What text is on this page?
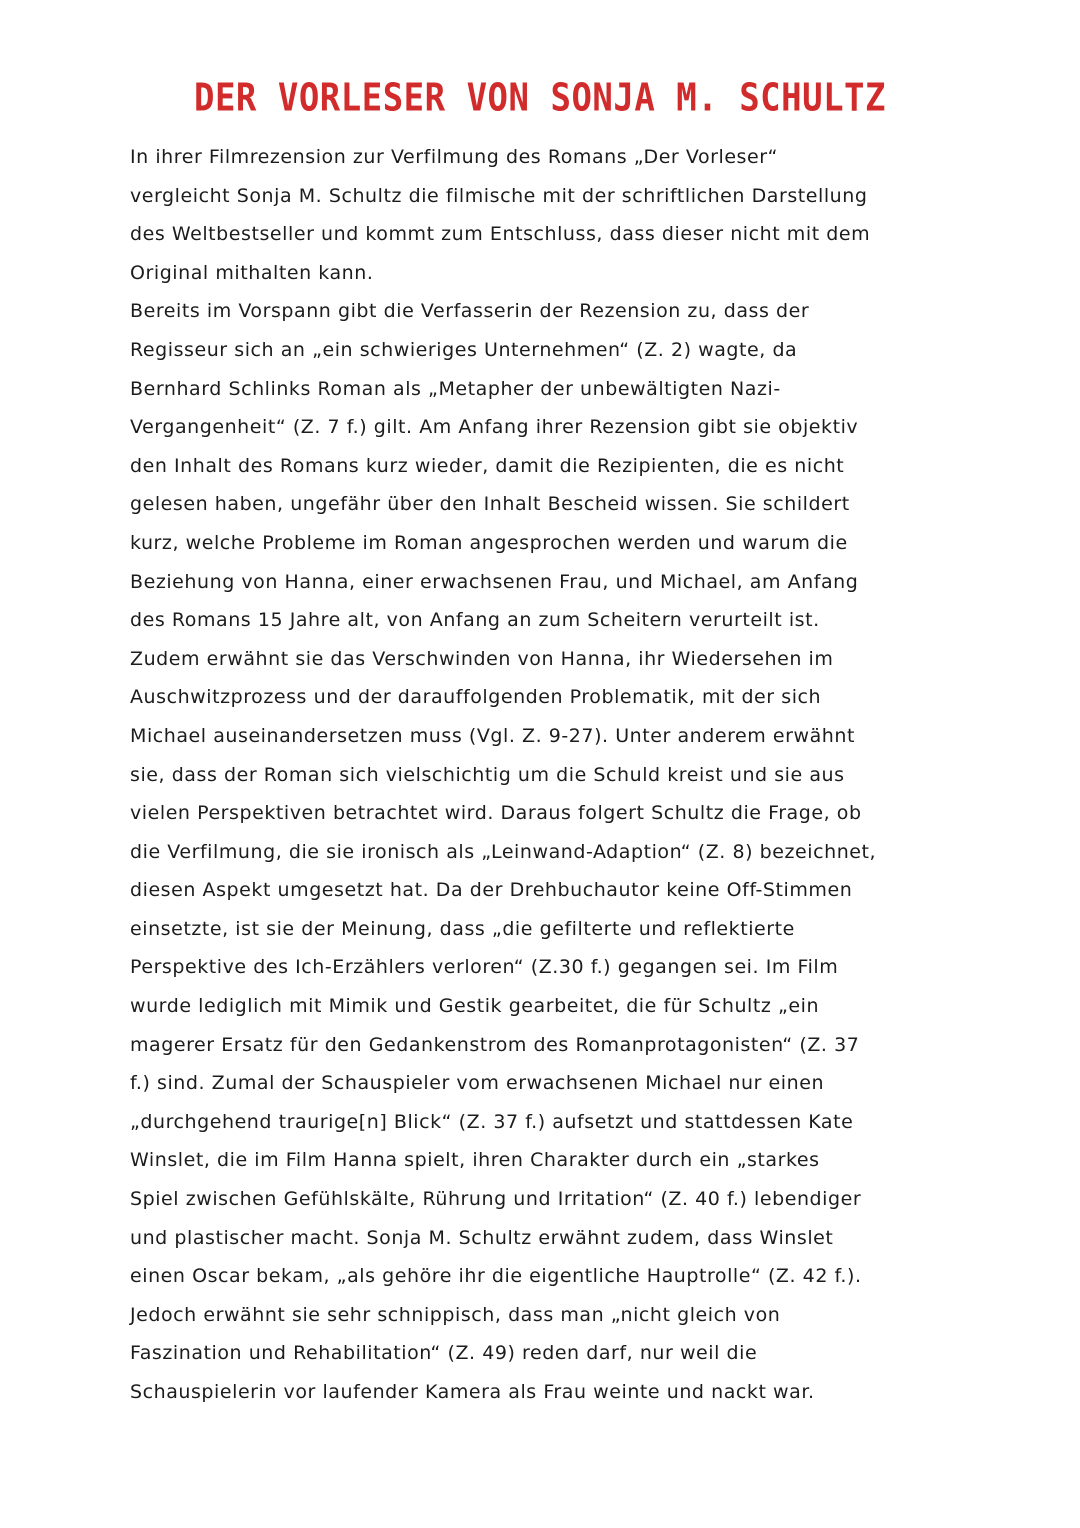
DER VORLESER VON SONJA M. SCHULTZ
In ihrer Filmrezension zur Verfilmung des Romans „Der Vorleser“
vergleicht Sonja M. Schultz die filmische mit der schriftlichen Darstellung
des Weltbestseller und kommt zum Entschluss, dass dieser nicht mit dem
Original mithalten kann.
Bereits im Vorspann gibt die Verfasserin der Rezension zu, dass der
Regisseur sich an „ein schwieriges Unternehmen“ (Z. 2) wagte, da
Bernhard Schlinks Roman als „Metapher der unbewältigten Nazi-
Vergangenheit“ (Z. 7 f.) gilt. Am Anfang ihrer Rezension gibt sie objektiv
den Inhalt des Romans kurz wieder, damit die Rezipienten, die es nicht
gelesen haben, ungefähr über den Inhalt Bescheid wissen. Sie schildert
kurz, welche Probleme im Roman angesprochen werden und warum die
Beziehung von Hanna, einer erwachsenen Frau, und Michael, am Anfang
des Romans 15 Jahre alt, von Anfang an zum Scheitern verurteilt ist.
Zudem erwähnt sie das Verschwinden von Hanna, ihr Wiedersehen im
Auschwitzprozess und der darauffolgenden Problematik, mit der sich
Michael auseinandersetzen muss (Vgl. Z. 9-27). Unter anderem erwähnt
sie, dass der Roman sich vielschichtig um die Schuld kreist und sie aus
vielen Perspektiven betrachtet wird. Daraus folgert Schultz die Frage, ob
die Verfilmung, die sie ironisch als „Leinwand-Adaption“ (Z. 8) bezeichnet,
diesen Aspekt umgesetzt hat. Da der Drehbuchautor keine Off-Stimmen
einsetzte, ist sie der Meinung, dass „die gefilterte und reflektierte
Perspektive des Ich-Erzählers verloren“ (Z.30 f.) gegangen sei. Im Film
wurde lediglich mit Mimik und Gestik gearbeitet, die für Schultz „ein
magerer Ersatz für den Gedankenstrom des Romanprotagonisten“ (Z. 37
f.) sind. Zumal der Schauspieler vom erwachsenen Michael nur einen
„durchgehend traurige[n] Blick“ (Z. 37 f.) aufsetzt und stattdessen Kate
Winslet, die im Film Hanna spielt, ihren Charakter durch ein „starkes
Spiel zwischen Gefühlskälte, Rührung und Irritation“ (Z. 40 f.) lebendiger
und plastischer macht. Sonja M. Schultz erwähnt zudem, dass Winslet
einen Oscar bekam, „als gehöre ihr die eigentliche Hauptrolle“ (Z. 42 f.).
Jedoch erwähnt sie sehr schnippisch, dass man „nicht gleich von
Faszination und Rehabilitation“ (Z. 49) reden darf, nur weil die
Schauspielerin vor laufender Kamera als Frau weinte und nackt war.
